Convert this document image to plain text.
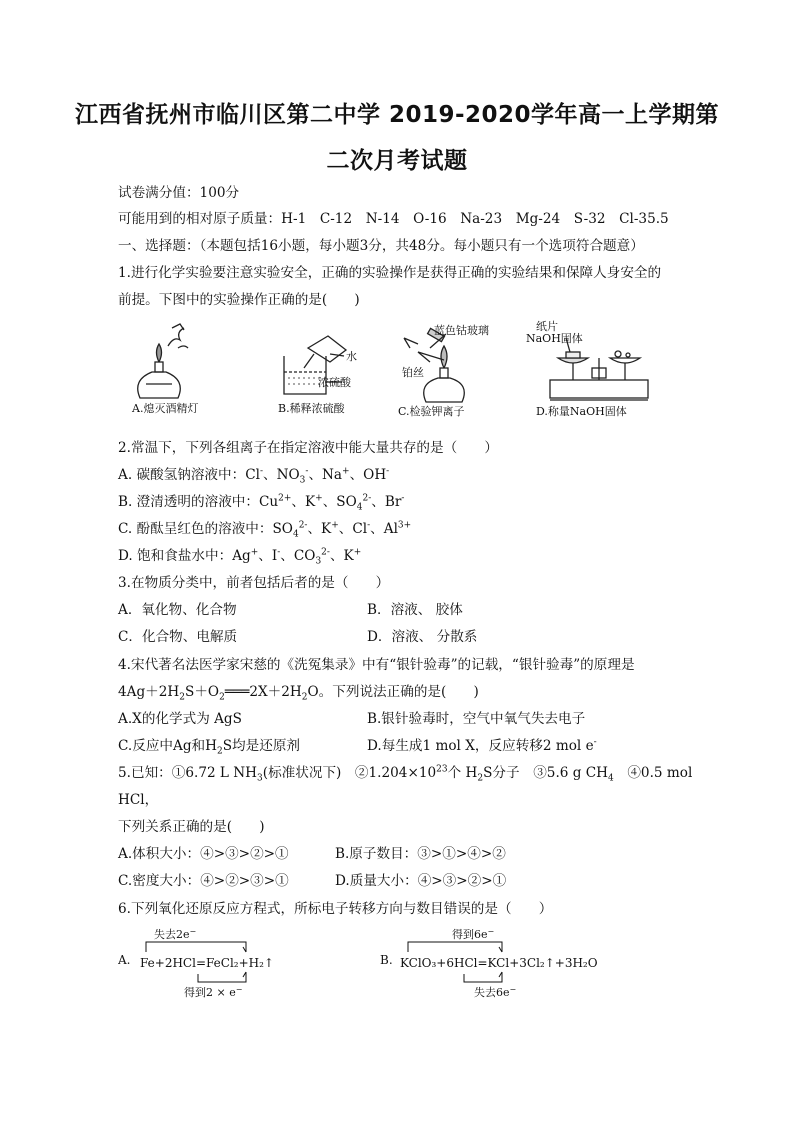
江西省抚州市临川区第二中学 2019-2020学年高一上学期第
二次月考试题
试卷满分值：100分
可能用到的相对原子质量：H-1　C-12　N-14　O-16　Na-23　Mg-24　S-32　Cl-35.5
一、选择题：（本题包括16小题，每小题3分，共48分。每小题只有一个选项符合题意）
1.进行化学实验要注意实验安全，正确的实验操作是获得正确的实验结果和保障人身安全的
前提。下图中的实验操作正确的是(　　)
A.熄灭酒精灯
水
浓硫酸
B.稀释浓硫酸
蓝色钴玻璃
铂丝
C.检验钾离子
纸片
NaOH固体
D.称量NaOH固体
2.常温下，下列各组离子在指定溶液中能大量共存的是（　　）
A. 碳酸氢钠溶液中：Cl-、$NO_3^-$、Na+、OH-
B. 澄清透明的溶液中：$Cu^{2+}$、K+、$SO_4^{2-}$、Br-
C. 酚酞呈红色的溶液中：$SO_4^{2-}$、K+、Cl-、$Al^{3+}$
D. 饱和食盐水中：Ag+、I-、$CO_3^{2-}$、K+
3.在物质分类中，前者包括后者的是（　　）
A．氧化物、化合物	B．溶液、 胶体
C．化合物、电解质	D．溶液、 分散系
4.宋代著名法医学家宋慈的《洗冤集录》中有“银针验毒”的记载，“银针验毒”的原理是
$4Ag+2H_2S+O_2═══2X+2H_2O$。下列说法正确的是(　　)
A.X的化学式为 AgS	B.银针验毒时，空气中氧气失去电子
C.反应中Ag和$H_2S$均是还原剂	D.每生成1 mol X，反应转移2 mol e-
5.已知：①6.72 L $NH_3$(标准状况下)　$②1.204\times 10^{23}$个 $H_2S$分子　③5.6 g $CH_4$　④0.5 mol
HCl，
下列关系正确的是(　　)
A.体积大小：④>③>②>①	B.原子数目：③>①>④>②
C.密度大小：④>②>③>①	D.质量大小：④>③>②>①
6.下列氧化还原反应方程式，所标电子转移方向与数目错误的是（　　）
A.
失去2e−
Fe+2HCl=FeCl₂+H₂↑
得到2 × e−
B.
得到6e−
KClO₃+6HCl=KCl+3Cl₂↑+3H₂O
失去6e−
